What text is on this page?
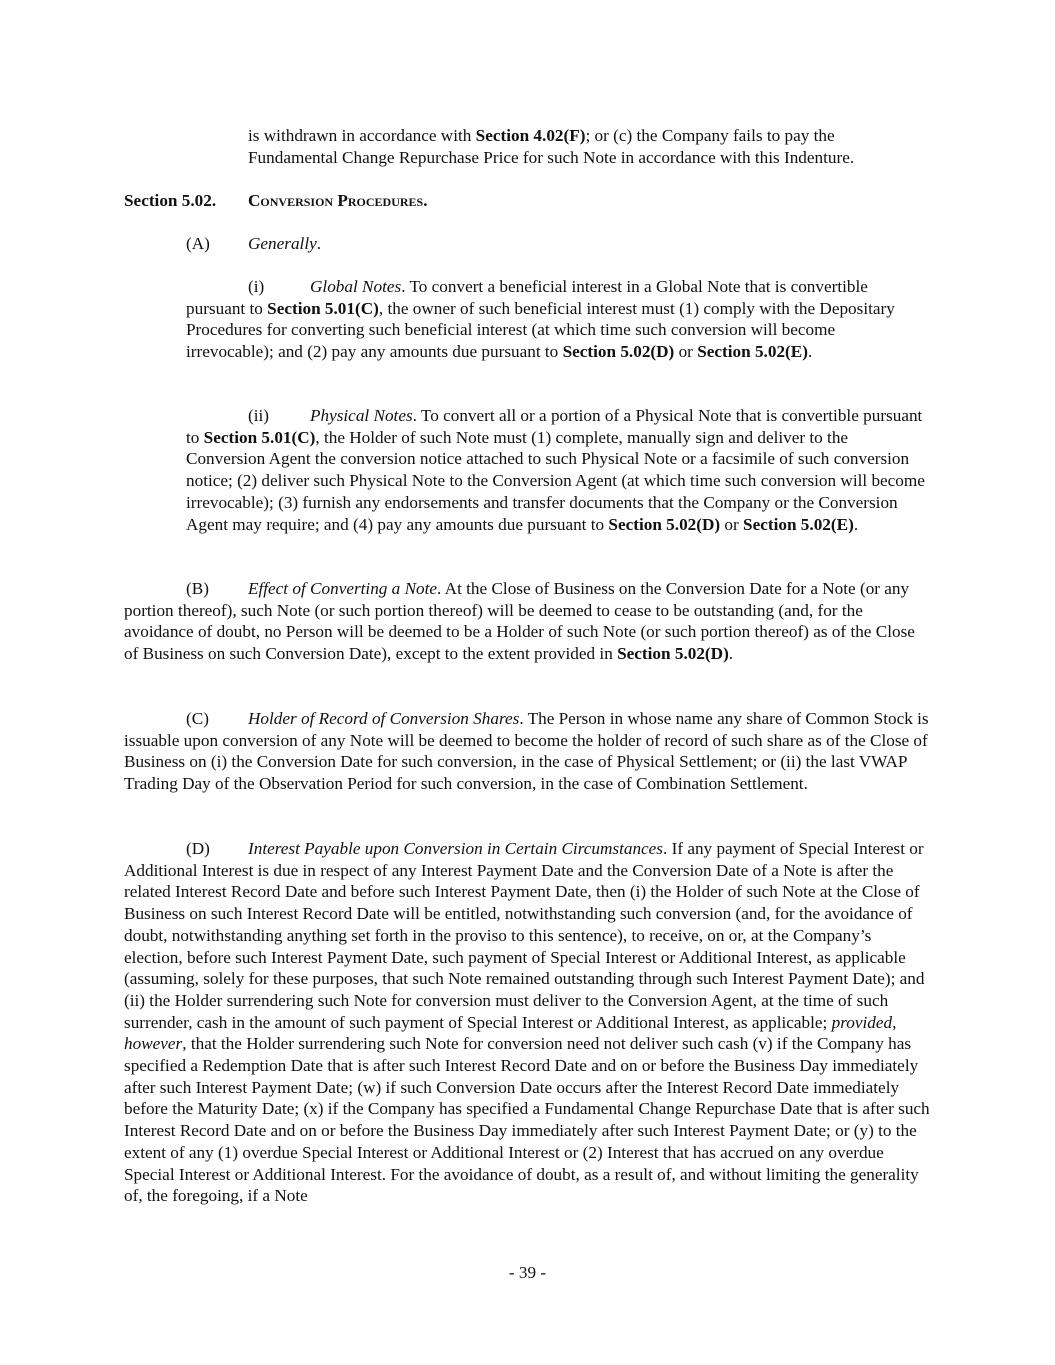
is withdrawn in accordance with Section 4.02(F); or (c) the Company fails to pay the Fundamental Change Repurchase Price for such Note in accordance with this Indenture.

Section 5.02. Conversion Procedures.

(A) Generally.

(i)	Global Notes. To convert a beneficial interest in a Global Note that is convertible pursuant to Section 5.01(C), the owner of such beneficial interest must (1) comply with the Depositary Procedures for converting such beneficial interest (at which time such conversion will become irrevocable); and (2) pay any amounts due pursuant to Section 5.02(D) or Section 5.02(E).

(ii) Physical Notes. To convert all or a portion of a Physical Note that is convertible pursuant to Section 5.01(C), the Holder of such Note must (1) complete, manually sign and deliver to the Conversion Agent the conversion notice attached to such Physical Note or a facsimile of such conversion notice; (2) deliver such Physical Note to the Conversion Agent (at which time such conversion will become irrevocable); (3) furnish any endorsements and transfer documents that the Company or the Conversion Agent may require; and (4) pay any amounts due pursuant to Section 5.02(D) or Section 5.02(E).

(B) Effect of Converting a Note. At the Close of Business on the Conversion Date for a Note (or any portion thereof), such Note (or such portion thereof) will be deemed to cease to be outstanding (and, for the avoidance of doubt, no Person will be deemed to be a Holder of such Note (or such portion thereof) as of the Close of Business on such Conversion Date), except to the extent provided in Section 5.02(D).

(C) Holder of Record of Conversion Shares. The Person in whose name any share of Common Stock is issuable upon conversion of any Note will be deemed to become the holder of record of such share as of the Close of Business on (i) the Conversion Date for such conversion, in the case of Physical Settlement; or (ii) the last VWAP Trading Day of the Observation Period for such conversion, in the case of Combination Settlement.

(D) Interest Payable upon Conversion in Certain Circumstances. If any payment of Special Interest or Additional Interest is due in respect of any Interest Payment Date and the Conversion Date of a Note is after the related Interest Record Date and before such Interest Payment Date, then (i) the Holder of such Note at the Close of Business on such Interest Record Date will be entitled, notwithstanding such conversion (and, for the avoidance of doubt, notwithstanding anything set forth in the proviso to this sentence), to receive, on or, at the Company’s election, before such Interest Payment Date, such payment of Special Interest or Additional Interest, as applicable (assuming, solely for these purposes, that such Note remained outstanding through such Interest Payment Date); and (ii) the Holder surrendering such Note for conversion must deliver to the Conversion Agent, at the time of such surrender, cash in the amount of such payment of Special Interest or Additional Interest, as applicable; provided, however, that the Holder surrendering such Note for conversion need not deliver such cash (v) if the Company has specified a Redemption Date that is after such Interest Record Date and on or before the Business Day immediately after such Interest Payment Date; (w) if such Conversion Date occurs after the Interest Record Date immediately before the Maturity Date; (x) if the Company has specified a Fundamental Change Repurchase Date that is after such Interest Record Date and on or before the Business Day immediately after such Interest Payment Date; or (y) to the extent of any (1) overdue Special Interest or Additional Interest or (2) Interest that has accrued on any overdue Special Interest or Additional Interest. For the avoidance of doubt, as a result of, and without limiting the generality of, the foregoing, if a Note

- 39 -
